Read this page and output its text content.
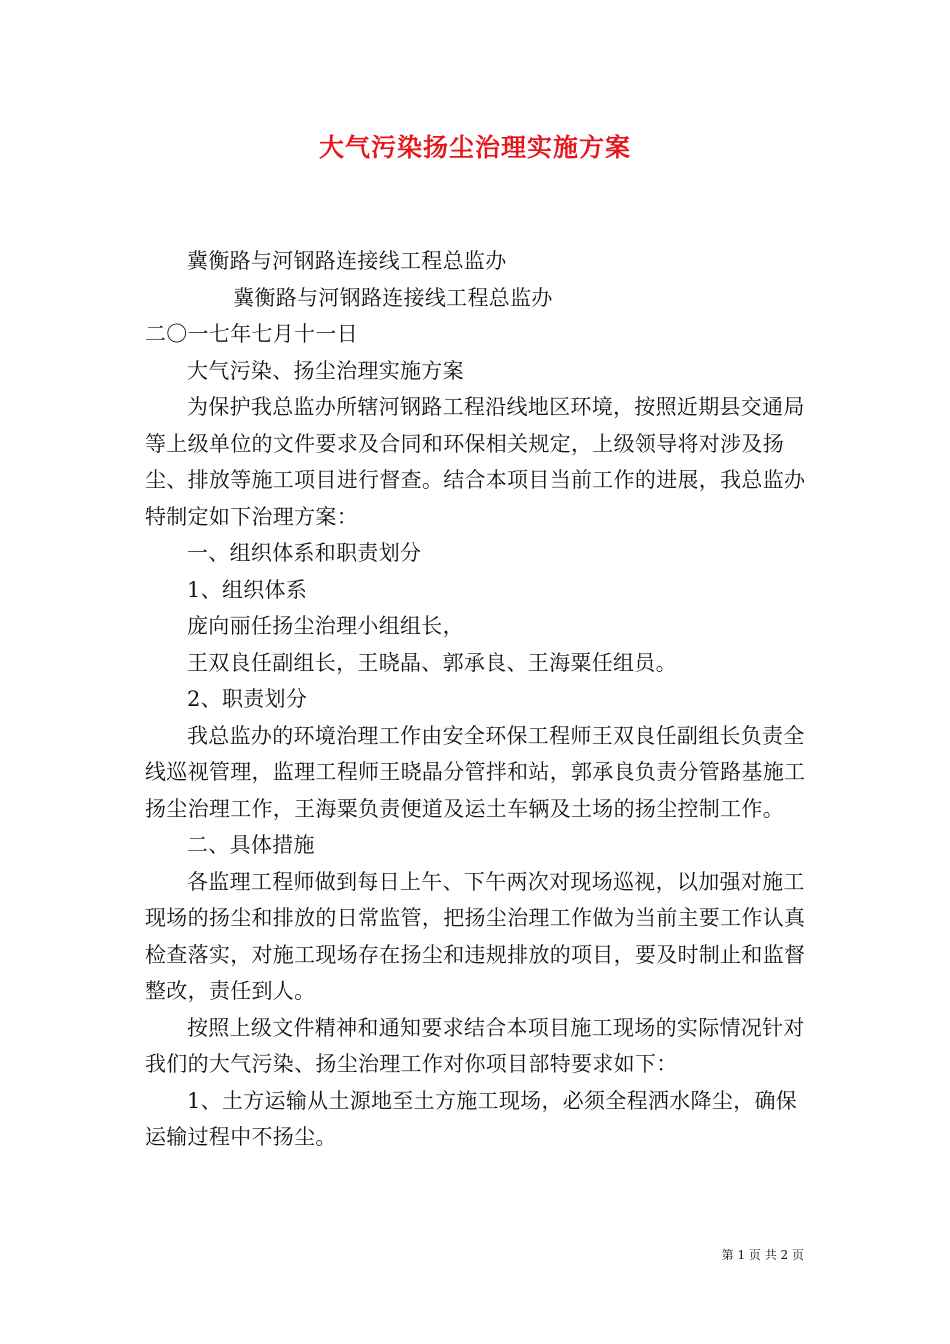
大气污染扬尘治理实施方案

冀衡路与河钢路连接线工程总监办

冀衡路与河钢路连接线工程总监办

二〇一七年七月十一日

大气污染、扬尘治理实施方案

为保护我总监办所辖河钢路工程沿线地区环境，按照近期县交通局等上级单位的文件要求及合同和环保相关规定，上级领导将对涉及扬尘、排放等施工项目进行督查。结合本项目当前工作的进展，我总监办特制定如下治理方案：

一、组织体系和职责划分

1、组织体系

庞向丽任扬尘治理小组组长，

王双良任副组长，王晓晶、郭承良、王海粟任组员。

2、职责划分

我总监办的环境治理工作由安全环保工程师王双良任副组长负责全线巡视管理，监理工程师王晓晶分管拌和站，郭承良负责分管路基施工扬尘治理工作，王海粟负责便道及运土车辆及土场的扬尘控制工作。

二、具体措施

各监理工程师做到每日上午、下午两次对现场巡视，以加强对施工现场的扬尘和排放的日常监管，把扬尘治理工作做为当前主要工作认真检查落实，对施工现场存在扬尘和违规排放的项目，要及时制止和监督整改，责任到人。

按照上级文件精神和通知要求结合本项目施工现场的实际情况针对我们的大气污染、扬尘治理工作对你项目部特要求如下：

1、土方运输从土源地至土方施工现场，必须全程洒水降尘，确保运输过程中不扬尘。

第 1 页 共 2 页
